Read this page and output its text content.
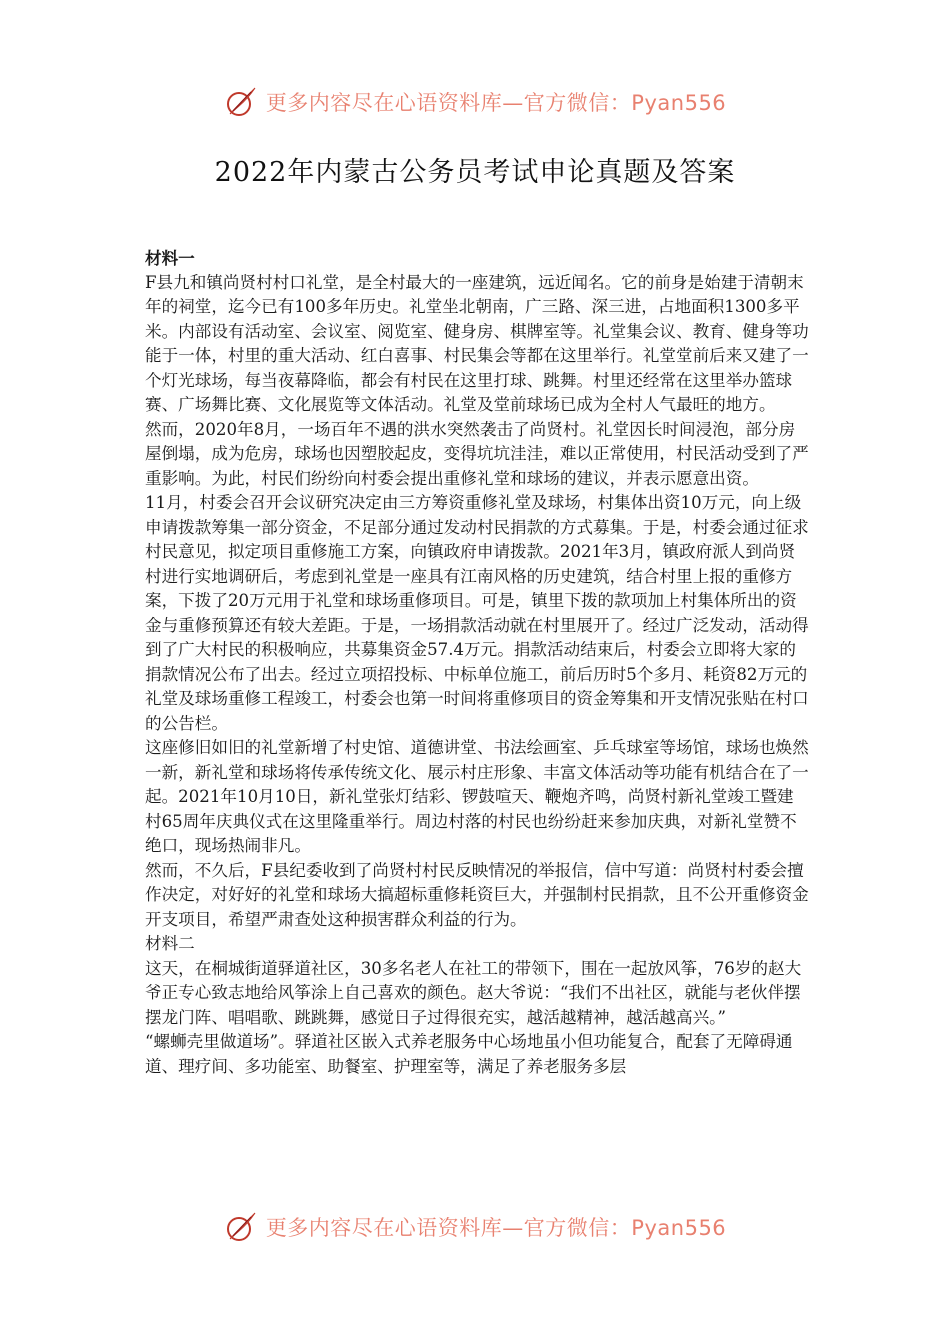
更多内容尽在心语资料库—官方微信：Pyan556
2022年内蒙古公务员考试申论真题及答案

材料一

F县九和镇尚贤村村口礼堂，是全村最大的一座建筑，远近闻名。它的前身是始建于清朝末年的祠堂，迄今已有100多年历史。礼堂坐北朝南，广三路、深三进，占地面积1300多平米。内部设有活动室、会议室、阅览室、健身房、棋牌室等。礼堂集会议、教育、健身等功能于一体，村里的重大活动、红白喜事、村民集会等都在这里举行。礼堂堂前后来又建了一个灯光球场，每当夜幕降临，都会有村民在这里打球、跳舞。村里还经常在这里举办篮球赛、广场舞比赛、文化展览等文体活动。礼堂及堂前球场已成为全村人气最旺的地方。

然而，2020年8月，一场百年不遇的洪水突然袭击了尚贤村。礼堂因长时间浸泡，部分房屋倒塌，成为危房，球场也因塑胶起皮，变得坑坑洼洼，难以正常使用，村民活动受到了严重影响。为此，村民们纷纷向村委会提出重修礼堂和球场的建议，并表示愿意出资。

11月，村委会召开会议研究决定由三方筹资重修礼堂及球场，村集体出资10万元，向上级申请拨款筹集一部分资金，不足部分通过发动村民捐款的方式募集。于是，村委会通过征求村民意见，拟定项目重修施工方案，向镇政府申请拨款。2021年3月，镇政府派人到尚贤村进行实地调研后，考虑到礼堂是一座具有江南风格的历史建筑，结合村里上报的重修方案，下拨了20万元用于礼堂和球场重修项目。可是，镇里下拨的款项加上村集体所出的资金与重修预算还有较大差距。于是，一场捐款活动就在村里展开了。经过广泛发动，活动得到了广大村民的积极响应，共募集资金57.4万元。捐款活动结束后，村委会立即将大家的捐款情况公布了出去。经过立项招投标、中标单位施工，前后历时5个多月、耗资82万元的礼堂及球场重修工程竣工，村委会也第一时间将重修项目的资金筹集和开支情况张贴在村口的公告栏。

这座修旧如旧的礼堂新增了村史馆、道德讲堂、书法绘画室、乒乓球室等场馆，球场也焕然一新，新礼堂和球场将传承传统文化、展示村庄形象、丰富文体活动等功能有机结合在了一起。2021年10月10日，新礼堂张灯结彩、锣鼓喧天、鞭炮齐鸣，尚贤村新礼堂竣工暨建村65周年庆典仪式在这里隆重举行。周边村落的村民也纷纷赶来参加庆典，对新礼堂赞不绝口，现场热闹非凡。

然而，不久后，F县纪委收到了尚贤村村民反映情况的举报信，信中写道：尚贤村村委会擅作决定，对好好的礼堂和球场大搞超标重修耗资巨大，并强制村民捐款，且不公开重修资金开支项目，希望严肃查处这种损害群众利益的行为。

材料二

这天，在桐城街道驿道社区，30多名老人在社工的带领下，围在一起放风筝，76岁的赵大爷正专心致志地给风筝涂上自己喜欢的颜色。赵大爷说：“我们不出社区，就能与老伙伴摆摆龙门阵、唱唱歌、跳跳舞，感觉日子过得很充实，越活越精神，越活越高兴。”

“螺蛳壳里做道场”。驿道社区嵌入式养老服务中心场地虽小但功能复合，配套了无障碍通道、理疗间、多功能室、助餐室、护理室等，满足了养老服务多层

更多内容尽在心语资料库—官方微信：Pyan556
